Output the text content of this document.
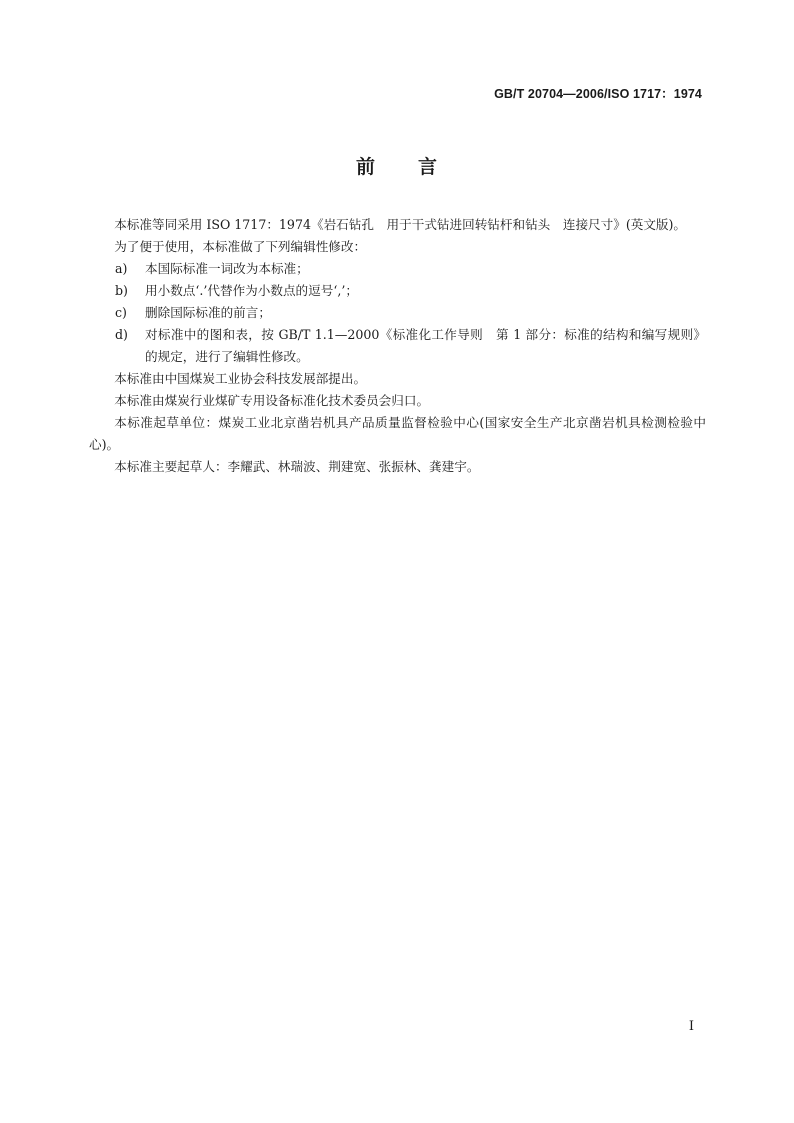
GB/T 20704—2006/ISO 1717：1974
前 言

本标准等同采用 ISO 1717：1974《岩石钻孔　用于干式钻进回转钻杆和钻头　连接尺寸》(英文版)。

为了便于使用，本标准做了下列编辑性修改：

a) 本国际标准一词改为本标准；
b) 用小数点‘.’代替作为小数点的逗号‘,’；
c) 删除国际标准的前言；
d) 对标准中的图和表，按 GB/T 1.1—2000《标准化工作导则　第 1 部分：标准的结构和编写规则》的规定，进行了编辑性修改。

本标准由中国煤炭工业协会科技发展部提出。

本标准由煤炭行业煤矿专用设备标准化技术委员会归口。

本标准起草单位：煤炭工业北京凿岩机具产品质量监督检验中心(国家安全生产北京凿岩机具检测检验中心)。

本标准主要起草人：李耀武、林瑞波、荆建宽、张振林、龚建宇。

Ⅰ
